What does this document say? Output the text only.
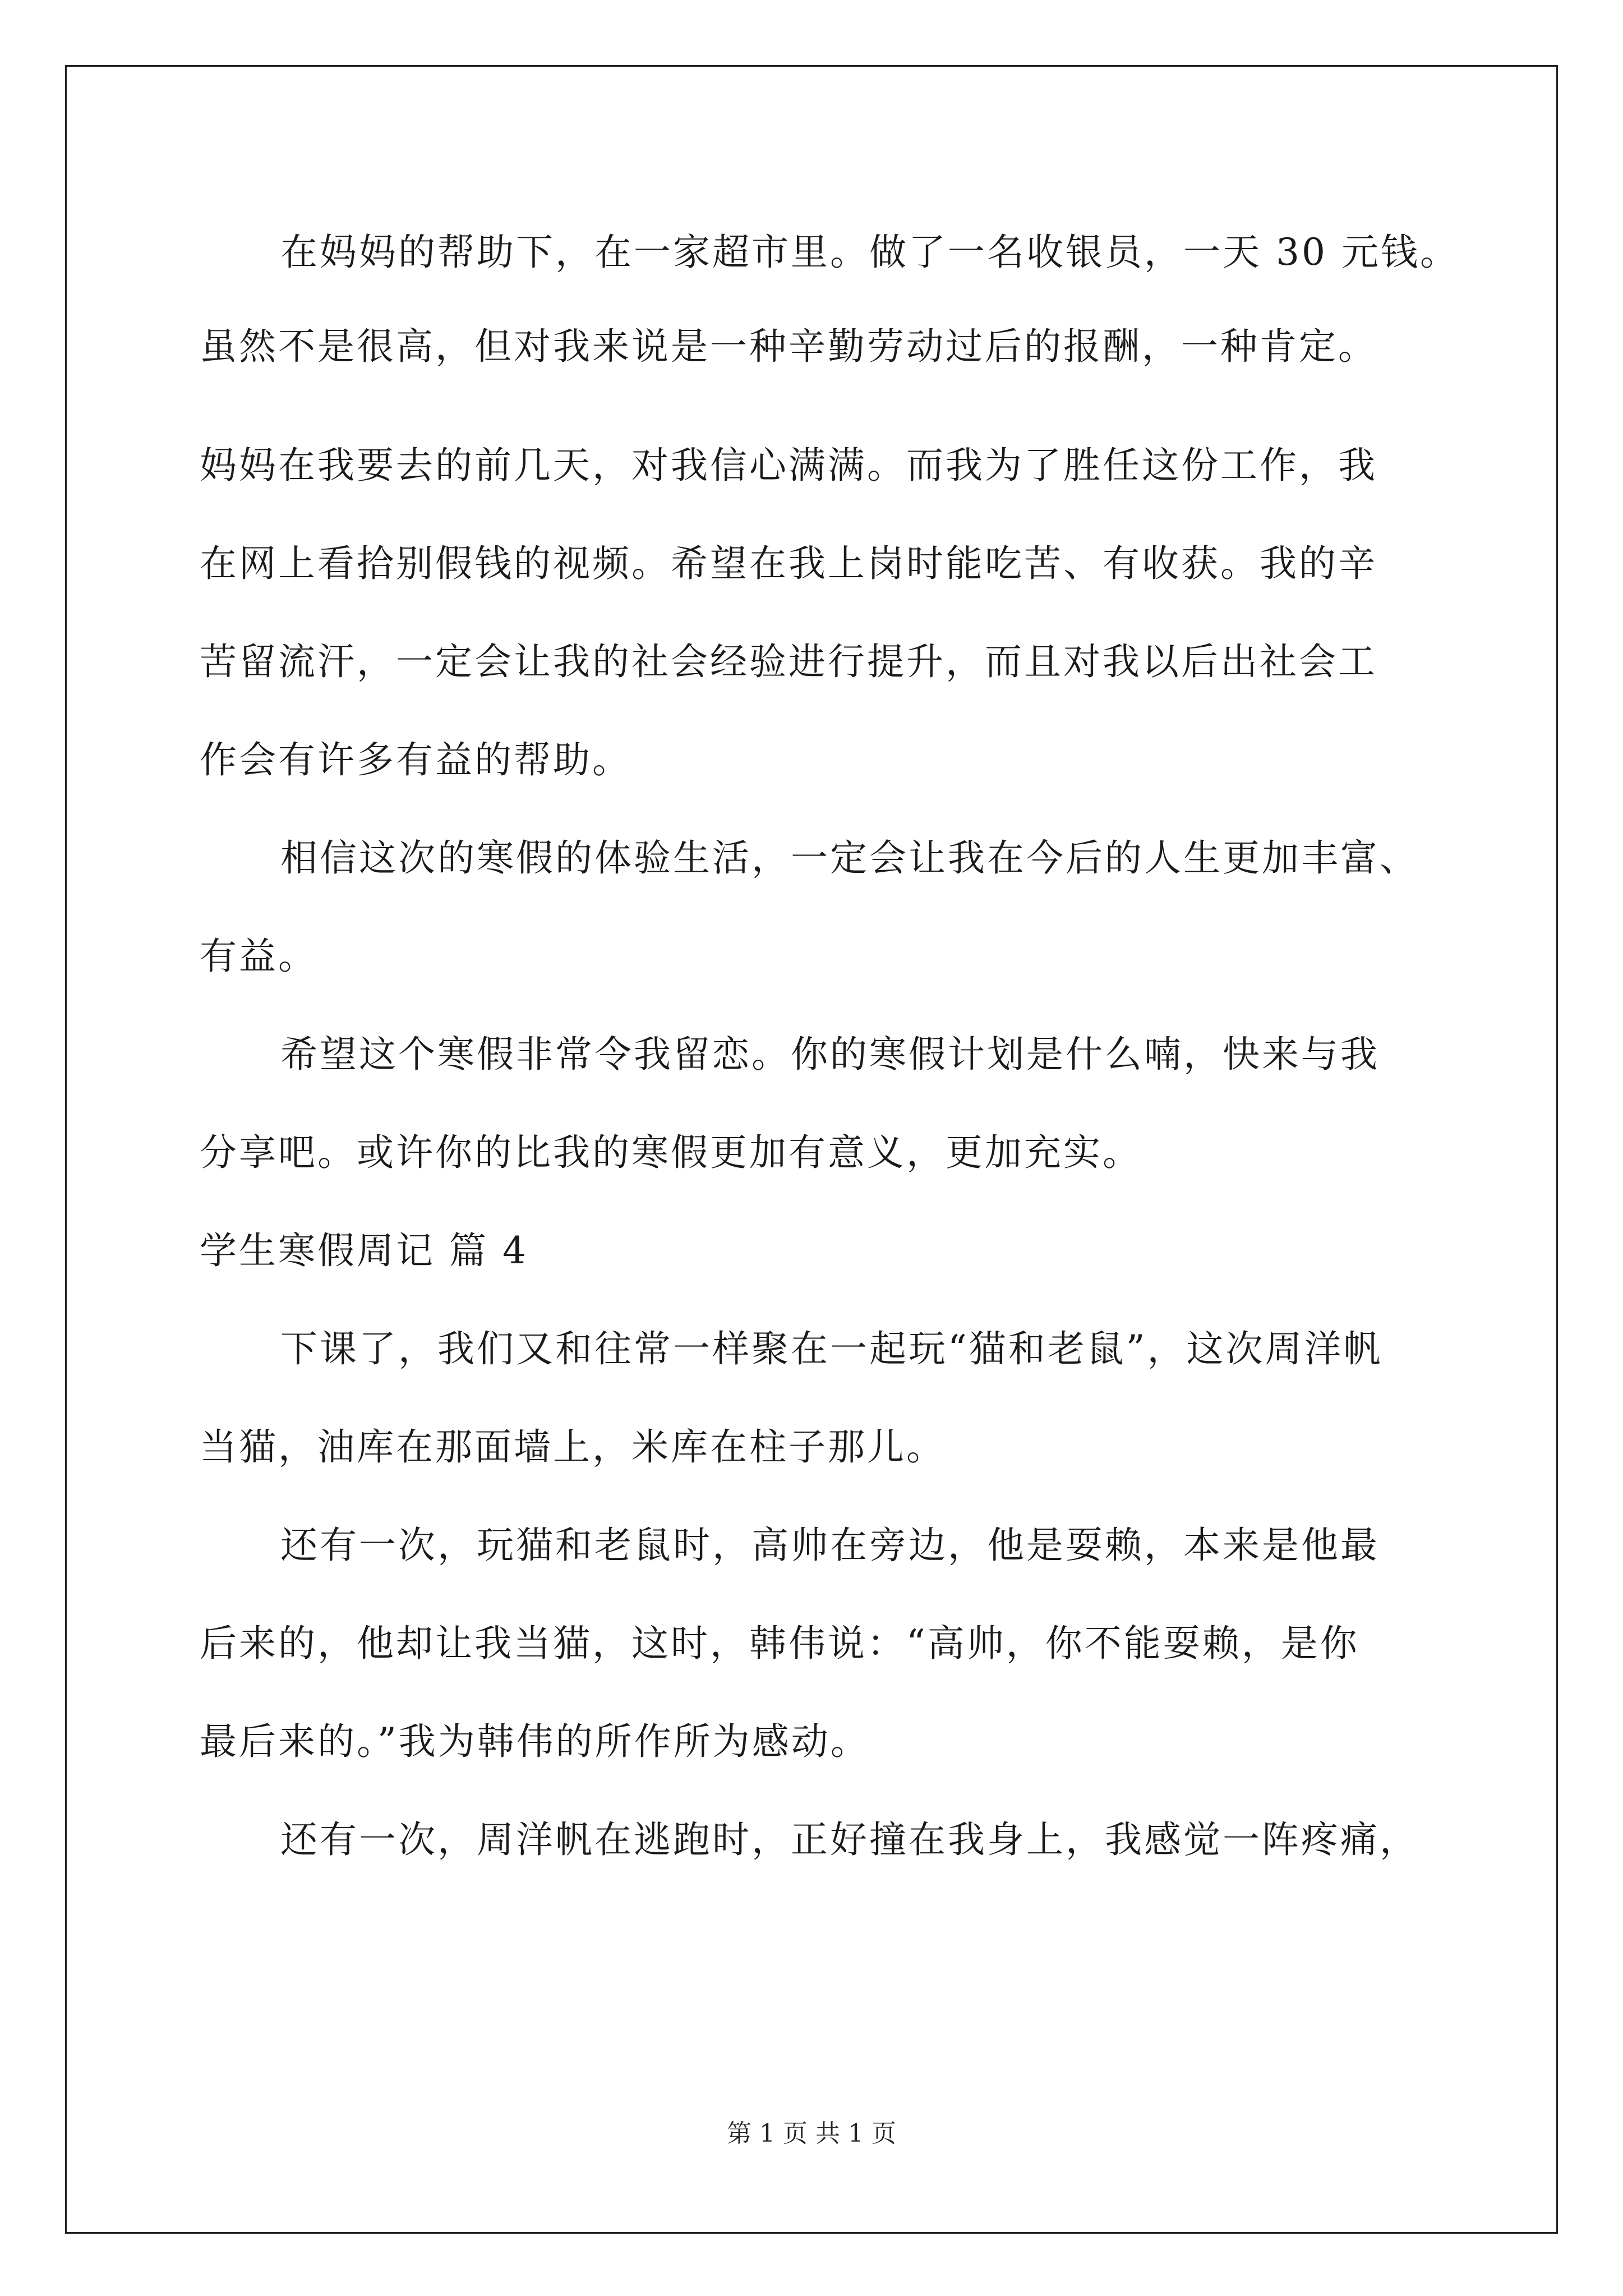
在妈妈的帮助下，在一家超市里。做了一名收银员，一天 30 元钱。
虽然不是很高，但对我来说是一种辛勤劳动过后的报酬，一种肯定。
妈妈在我要去的前几天，对我信心满满。而我为了胜任这份工作，我
在网上看拾别假钱的视频。希望在我上岗时能吃苦、有收获。我的辛
苦留流汗，一定会让我的社会经验进行提升，而且对我以后出社会工
作会有许多有益的帮助。
相信这次的寒假的体验生活，一定会让我在今后的人生更加丰富、
有益。
希望这个寒假非常令我留恋。你的寒假计划是什么喃，快来与我
分享吧。或许你的比我的寒假更加有意义，更加充实。
学生寒假周记 篇 4
下课了，我们又和往常一样聚在一起玩“猫和老鼠”，这次周洋帆
当猫，油库在那面墙上，米库在柱子那儿。
还有一次，玩猫和老鼠时，高帅在旁边，他是耍赖，本来是他最
后来的，他却让我当猫，这时，韩伟说：“高帅，你不能耍赖，是你
最后来的。”我为韩伟的所作所为感动。
还有一次，周洋帆在逃跑时，正好撞在我身上，我感觉一阵疼痛，
第 1 页 共 1 页
